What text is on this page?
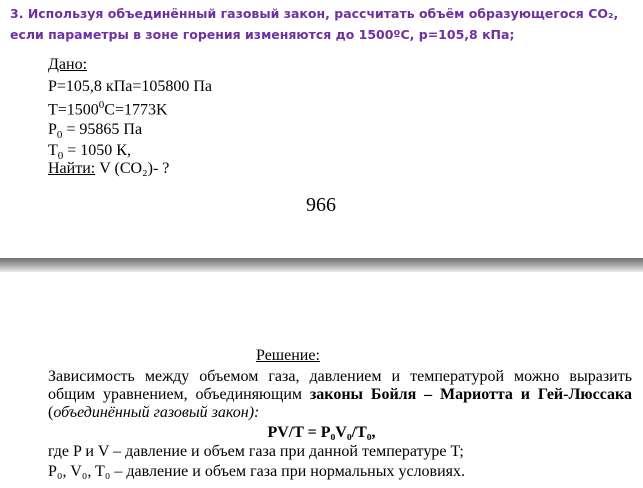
3. Используя объединённый газовый закон, рассчитать объём образующегося CO₂, если параметры в зоне горения изменяются до 1500ºC, p=105,8 кПа;

Дано:
P=105,8 кПа=105800 Па
$T=1500^0C=1773K$
$P_0 = 95865$ Па
$T_0 = 1050$ К,
Найти: V (CO₂)- ?
966
Решение:
Зависимость между объемом газа, давлением и температурой можно выразить
общим уравнением, объединяющим законы Бойля – Мариотта и Гей-Люссака
(объединённый газовый закон):
PV/T = P₀V₀/T₀,
где P и V – давление и объем газа при данной температуре T;
P₀, V₀, T₀ – давление и объем газа при нормальных условиях.
